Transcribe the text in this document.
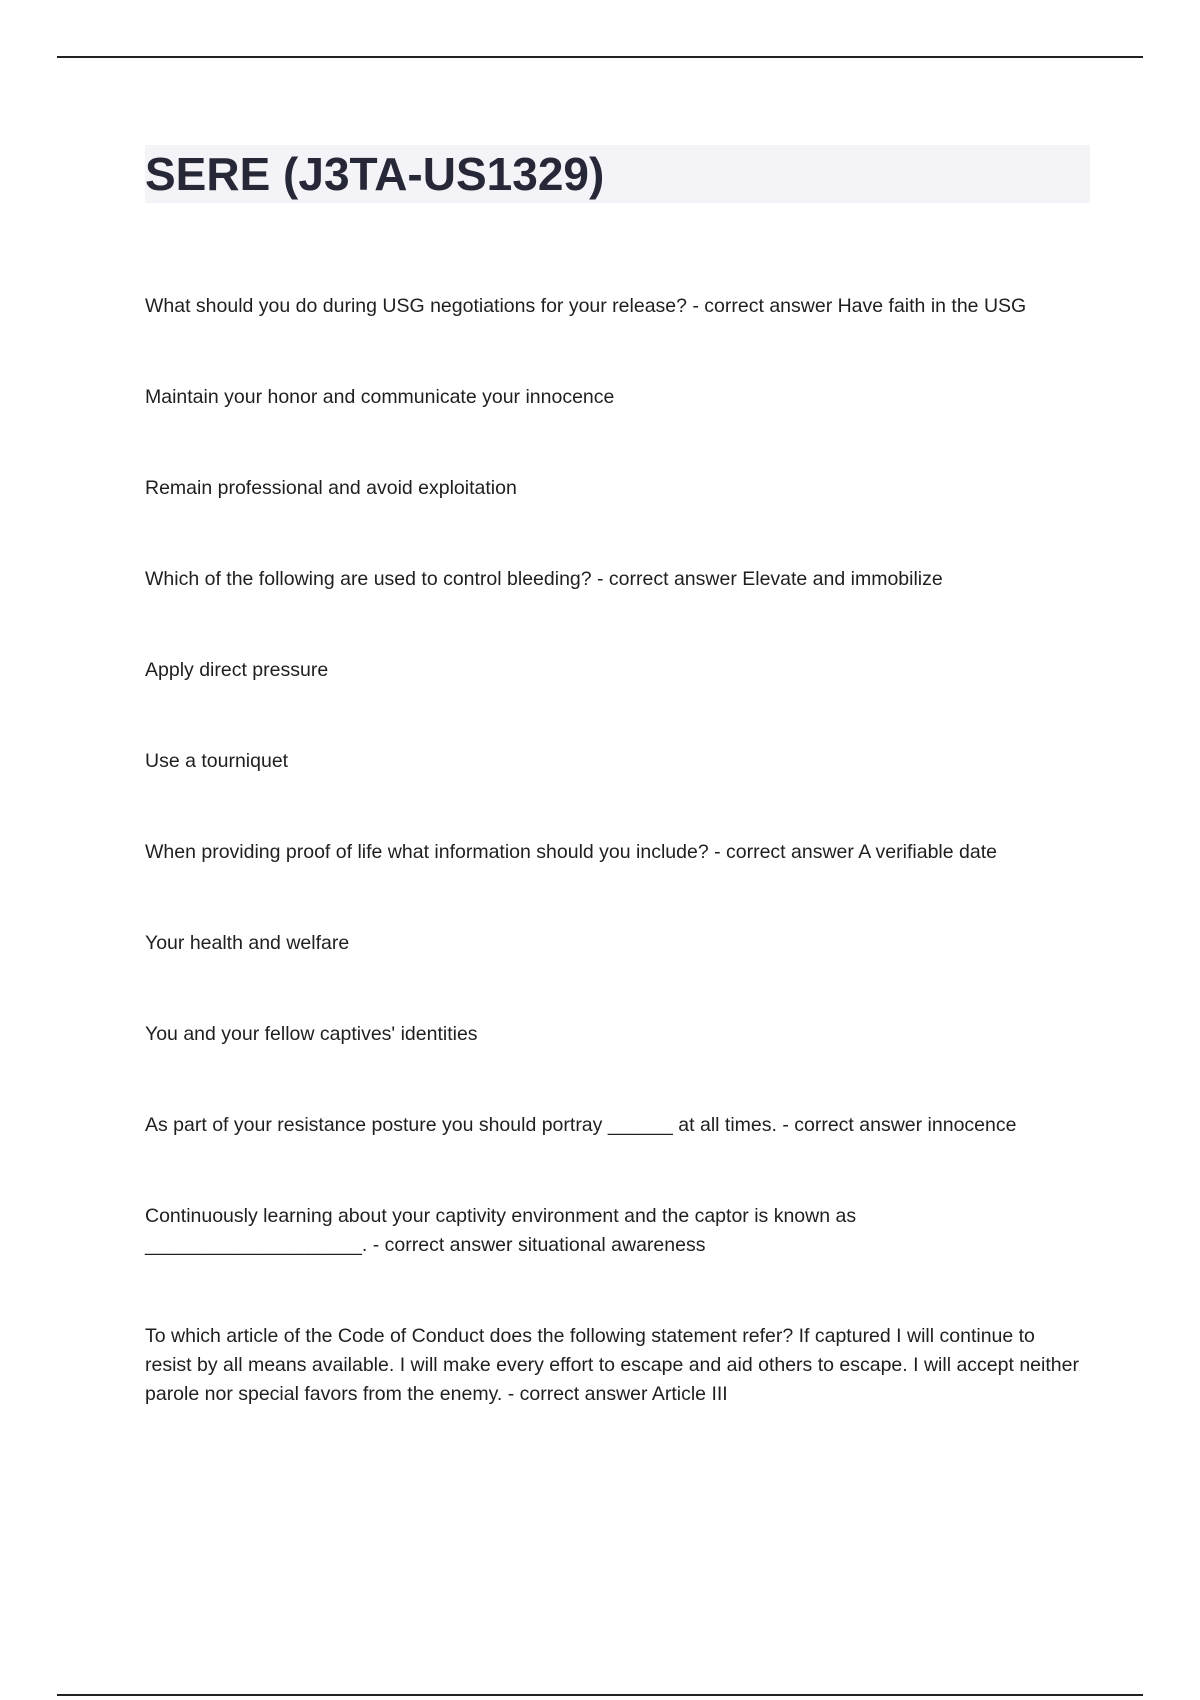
SERE (J3TA-US1329)

What should you do during USG negotiations for your release? - correct answer Have faith in the USG

Maintain your honor and communicate your innocence

Remain professional and avoid exploitation

Which of the following are used to control bleeding? - correct answer Elevate and immobilize

Apply direct pressure

Use a tourniquet

When providing proof of life what information should you include? - correct answer A verifiable date

Your health and welfare

You and your fellow captives' identities

As part of your resistance posture you should portray ______ at all times. - correct answer innocence

Continuously learning about your captivity environment and the captor is known as ____________________. - correct answer situational awareness

To which article of the Code of Conduct does the following statement refer? If captured I will continue to resist by all means available. I will make every effort to escape and aid others to escape. I will accept neither parole nor special favors from the enemy. - correct answer Article III
